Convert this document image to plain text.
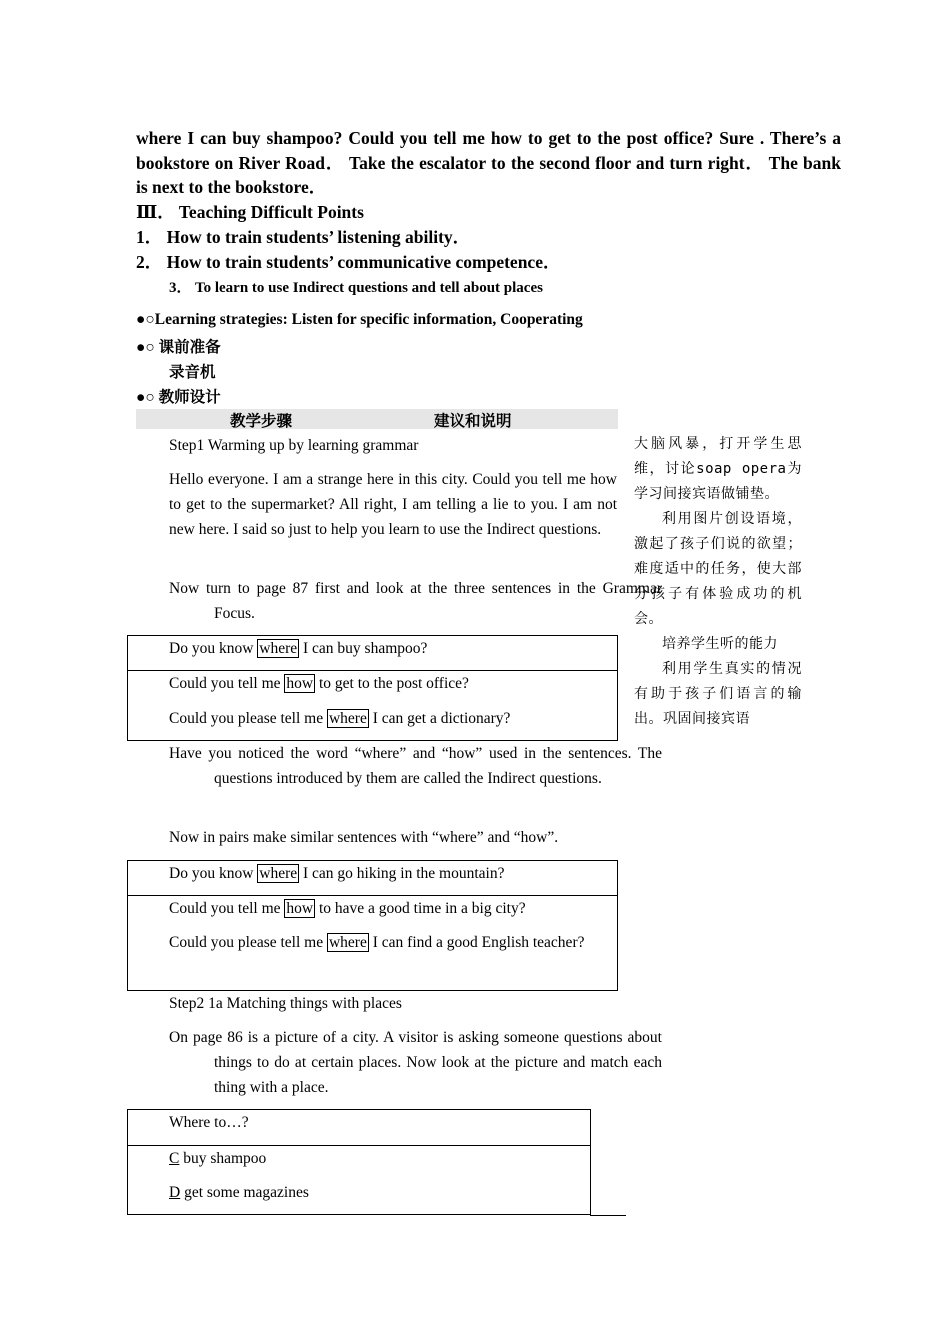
where I can buy shampoo? Could you tell me how to get to the post office? Sure . There’s a bookstore on River Road． Take the escalator to the second floor and turn right． The bank is next to the bookstore．
Ⅲ． Teaching Difficult Points
1． How to train students’ listening ability．
2． How to train students’ communicative competence．
3． To learn to use Indirect questions and tell about places
●○Learning strategies: Listen for specific information, Cooperating
●○ 课前准备
录音机
●○ 教师设计
教学步骤	建议和说明
Step1 Warming up by learning grammar
Hello everyone. I am a strange here in this city. Could you tell me how to get to the supermarket? All right, I am telling a lie to you. I am not new here. I said so just to help you learn to use the Indirect questions.
Now turn to page 87 first and look at the three sentences in the Grammar Focus.
Do you know where I can buy shampoo?
Could you tell me how to get to the post office?
Could you please tell me where I can get a dictionary?
Have you noticed the word “where” and “how” used in the sentences. The questions introduced by them are called the Indirect questions.
Now in pairs make similar sentences with “where” and “how”.
Do you know where I can go hiking in the mountain?
Could you tell me how to have a good time in a big city?
Could you please tell me where I can find a good English teacher?
Step2 1a Matching things with places
On page 86 is a picture of a city. A visitor is asking someone questions about things to do at certain places. Now look at the picture and match each thing with a place.
Where to…?
C buy shampoo
D get some magazines

大脑风暴，打开学生思维，讨论soap opera为学习间接宾语做铺垫。

利用图片创设语境，激起了孩子们说的欲望；难度适中的任务，使大部分孩子有体验成功的机会。

培养学生听的能力

利用学生真实的情况有助于孩子们语言的输出。巩固间接宾语
